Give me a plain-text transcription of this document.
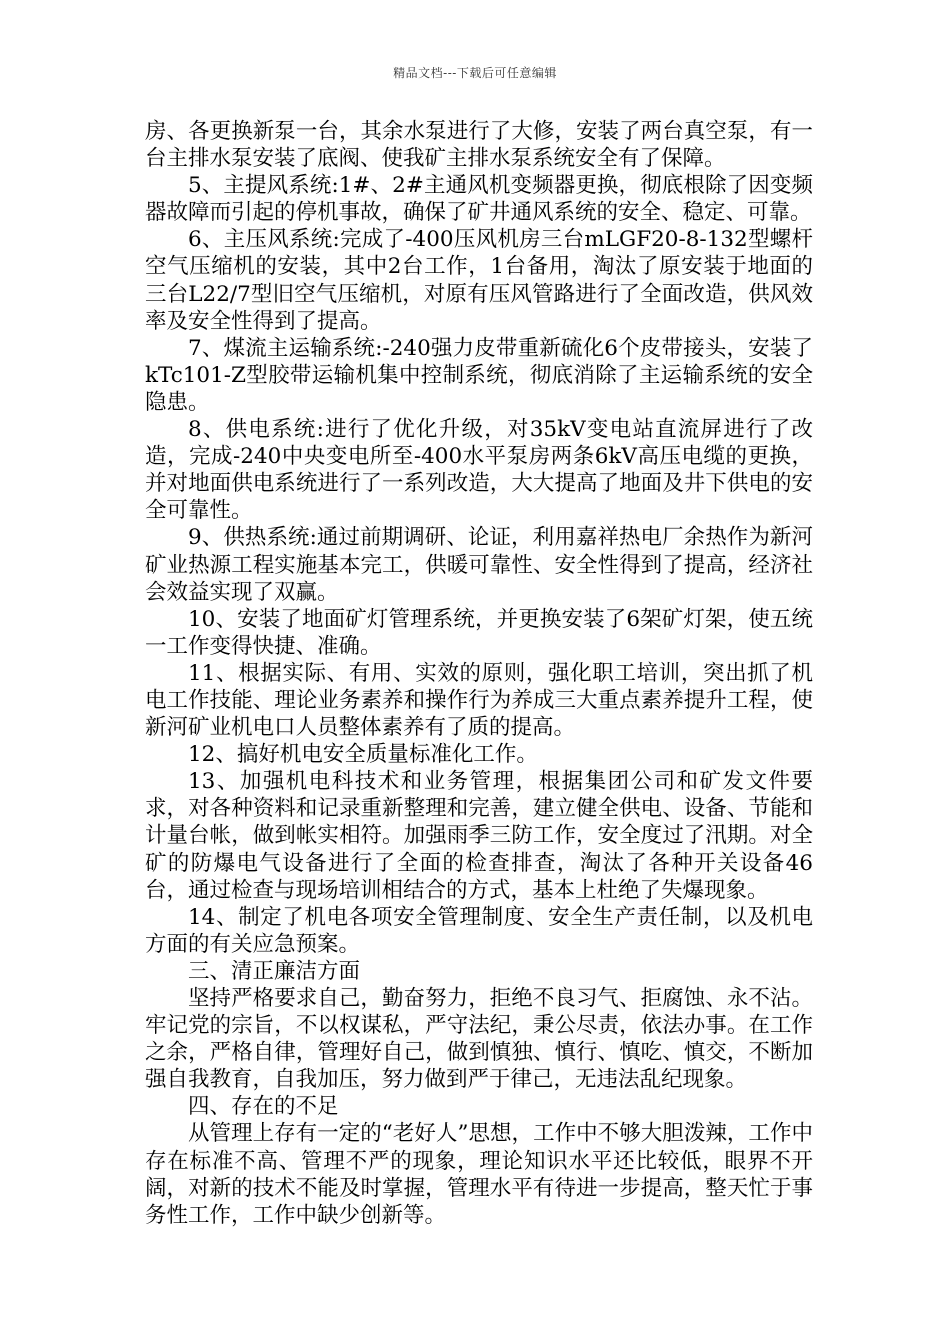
精品文档---下载后可任意编辑

房、各更换新泵一台，其余水泵进行了大修，安装了两台真空泵，有一台主排水泵安装了底阀、使我矿主排水泵系统安全有了保障。

5、主提风系统:1#、2#主通风机变频器更换，彻底根除了因变频器故障而引起的停机事故，确保了矿井通风系统的安全、稳定、可靠。

6、主压风系统:完成了-400压风机房三台mLGF20-8-132型螺杆空气压缩机的安装，其中2台工作，1台备用，淘汰了原安装于地面的三台L22/7型旧空气压缩机，对原有压风管路进行了全面改造，供风效率及安全性得到了提高。

7、煤流主运输系统:-240强力皮带重新硫化6个皮带接头，安装了kTc101-Z型胶带运输机集中控制系统，彻底消除了主运输系统的安全隐患。

8、供电系统:进行了优化升级，对35kV变电站直流屏进行了改造，完成-240中央变电所至-400水平泵房两条6kV高压电缆的更换，并对地面供电系统进行了一系列改造，大大提高了地面及井下供电的安全可靠性。

9、供热系统:通过前期调研、论证，利用嘉祥热电厂余热作为新河矿业热源工程实施基本完工，供暖可靠性、安全性得到了提高，经济社会效益实现了双赢。

10、安装了地面矿灯管理系统，并更换安装了6架矿灯架，使五统一工作变得快捷、准确。

11、根据实际、有用、实效的原则，强化职工培训，突出抓了机电工作技能、理论业务素养和操作行为养成三大重点素养提升工程，使新河矿业机电口人员整体素养有了质的提高。

12、搞好机电安全质量标准化工作。

13、加强机电科技术和业务管理，根据集团公司和矿发文件要求，对各种资料和记录重新整理和完善，建立健全供电、设备、节能和计量台帐，做到帐实相符。加强雨季三防工作，安全度过了汛期。对全矿的防爆电气设备进行了全面的检查排查，淘汰了各种开关设备46台，通过检查与现场培训相结合的方式，基本上杜绝了失爆现象。

14、制定了机电各项安全管理制度、安全生产责任制，以及机电方面的有关应急预案。

三、清正廉洁方面

坚持严格要求自己，勤奋努力，拒绝不良习气、拒腐蚀、永不沾。牢记党的宗旨，不以权谋私，严守法纪，秉公尽责，依法办事。在工作之余，严格自律，管理好自己，做到慎独、慎行、慎吃、慎交，不断加强自我教育，自我加压，努力做到严于律己，无违法乱纪现象。

四、存在的不足

从管理上存有一定的“老好人”思想，工作中不够大胆泼辣，工作中存在标准不高、管理不严的现象，理论知识水平还比较低，眼界不开阔，对新的技术不能及时掌握，管理水平有待进一步提高，整天忙于事务性工作，工作中缺少创新等。
